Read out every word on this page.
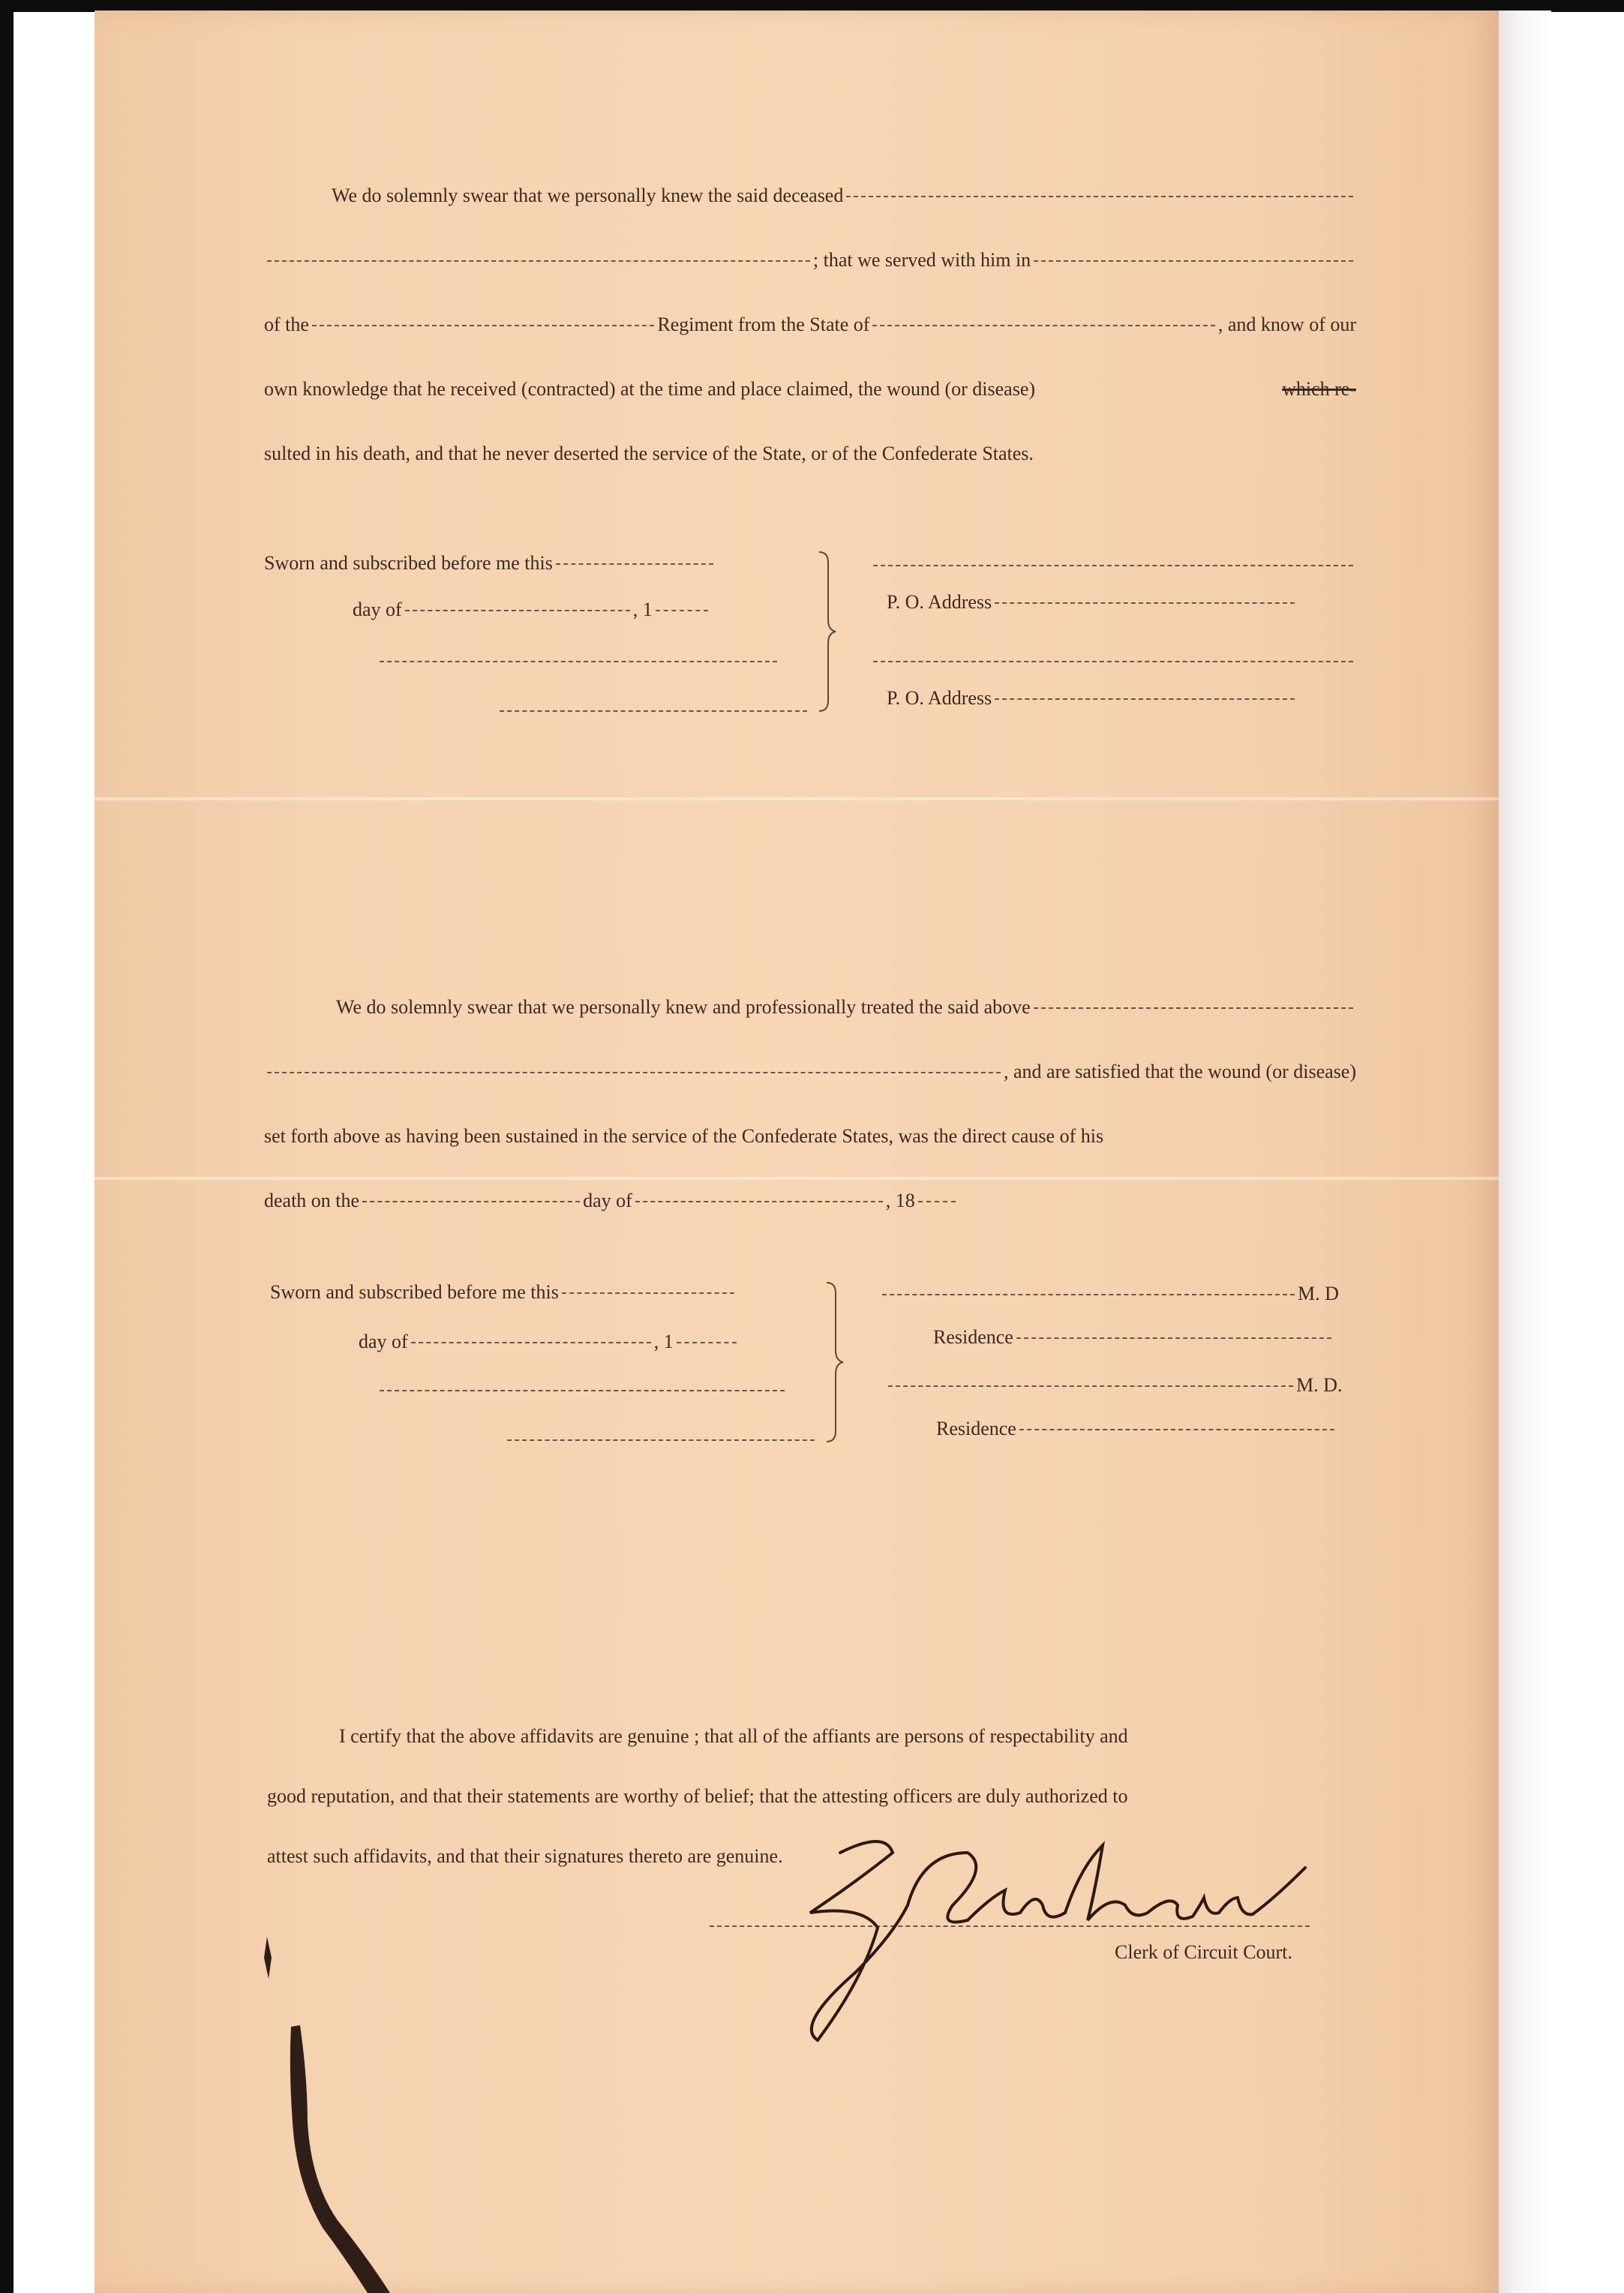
We do solemnly swear that we personally knew the said deceased
; that we served with him in
of the	Regiment from the State of	, and know of our
own knowledge that he received (contracted) at the time and place claimed, the wound (or disease)	which re-
sulted in his death, and that he never deserted the service of the State, or of the Confederate States.
Sworn and subscribed before me this
day of	, 1	P. O. Address
P. O. Address
We do solemnly swear that we personally knew and professionally treated the said above
, and are satisfied that the wound (or disease)
set forth above as having been sustained in the service of the Confederate States, was the direct cause of his
death on the	day of	, 18
Sworn and subscribed before me this
day of	, 1
M. D
Residence
M. D.
Residence
I certify that the above affidavits are genuine ; that all of the affiants are persons of respectability and
good reputation, and that their statements are worthy of belief; that the attesting officers are duly authorized to
attest such affidavits, and that their signatures thereto are genuine.
Clerk of Circuit Court.
